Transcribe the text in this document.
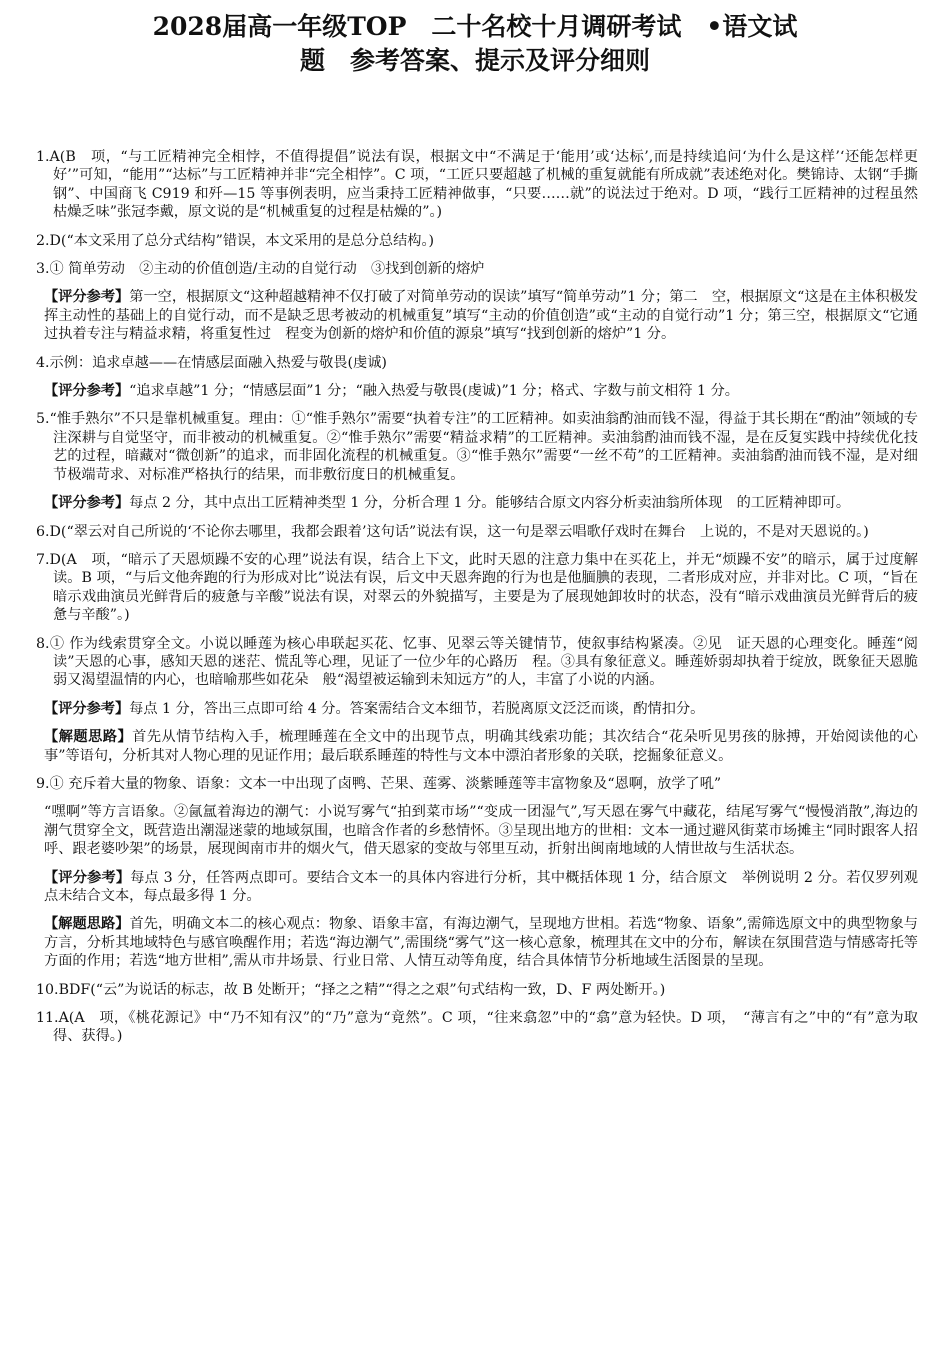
2028届高一年级TOP　二十名校十月调研考试　•语文试
题　参考答案、提示及评分细则

1.A(B　项，“与工匠精神完全相悖，不值得提倡”说法有误，根据文中“不满足于‘能用’或‘达标’,而是持续追问‘为什么是这样’‘还能怎样更好’”可知，“能用”“达标”与工匠精神并非“完全相悖”。C 项，“工匠只要超越了机械的重复就能有所成就”表述绝对化。樊锦诗、太钢“手撕钢”、中国商飞 C919 和歼—15 等事例表明，应当秉持工匠精神做事，“只要……就”的说法过于绝对。D 项，“践行工匠精神的过程虽然枯燥乏味”张冠李戴，原文说的是“机械重复的过程是枯燥的”。)

2.D(“本文采用了总分式结构”错误，本文采用的是总分总结构。)

3.① 简单劳动　②主动的价值创造/主动的自觉行动　③找到创新的熔炉

【评分参考】第一空，根据原文“这种超越精神不仅打破了对简单劳动的误读”填写“简单劳动”1 分；第二　空，根据原文“这是在主体积极发挥主动性的基础上的自觉行动，而不是缺乏思考被动的机械重复”填写“主动的价值创造”或“主动的自觉行动”1 分；第三空，根据原文“它通过执着专注与精益求精，将重复性过　程变为创新的熔炉和价值的源泉”填写“找到创新的熔炉”1 分。

4.示例：追求卓越——在情感层面融入热爱与敬畏(虔诚)

【评分参考】“追求卓越”1 分；“情感层面”1 分；“融入热爱与敬畏(虔诚)”1 分；格式、字数与前文相符 1 分。

5.“惟手熟尔”不只是靠机械重复。理由：①“惟手熟尔”需要“执着专注”的工匠精神。如卖油翁酌油而钱不湿，得益于其长期在“酌油”领域的专注深耕与自觉坚守，而非被动的机械重复。②“惟手熟尔”需要“精益求精”的工匠精神。卖油翁酌油而钱不湿，是在反复实践中持续优化技艺的过程，暗藏对“微创新”的追求，而非固化流程的机械重复。③“惟手熟尔”需要“一丝不苟”的工匠精神。卖油翁酌油而钱不湿，是对细节极端苛求、对标准严格执行的结果，而非敷衍度日的机械重复。

【评分参考】每点 2 分，其中点出工匠精神类型 1 分，分析合理 1 分。能够结合原文内容分析卖油翁所体现　的工匠精神即可。

6.D(“翠云对自己所说的‘不论你去哪里，我都会跟着’这句话”说法有误，这一句是翠云唱歌仔戏时在舞台　上说的，不是对天恩说的。)

7.D(A　项，“暗示了天恩烦躁不安的心理”说法有误，结合上下文，此时天恩的注意力集中在买花上，并无“烦躁不安”的暗示，属于过度解读。B 项，“与后文他奔跑的行为形成对比”说法有误，后文中天恩奔跑的行为也是他腼腆的表现，二者形成对应，并非对比。C 项，“旨在暗示戏曲演员光鲜背后的疲惫与辛酸”说法有误，对翠云的外貌描写，主要是为了展现她卸妆时的状态，没有“暗示戏曲演员光鲜背后的疲惫与辛酸”。)

8.① 作为线索贯穿全文。小说以睡莲为核心串联起买花、忆事、见翠云等关键情节，使叙事结构紧凑。②见　证天恩的心理变化。睡莲“阅读”天恩的心事，感知天恩的迷茫、慌乱等心理，见证了一位少年的心路历　程。③具有象征意义。睡莲娇弱却执着于绽放，既象征天恩脆弱又渴望温情的内心，也暗喻那些如花朵　般“渴望被运输到未知远方”的人，丰富了小说的内涵。

【评分参考】每点 1 分，答出三点即可给 4 分。答案需结合文本细节，若脱离原文泛泛而谈，酌情扣分。

【解题思路】首先从情节结构入手，梳理睡莲在全文中的出现节点，明确其线索功能；其次结合“花朵听见男孩的脉搏，开始阅读他的心事”等语句，分析其对人物心理的见证作用；最后联系睡莲的特性与文本中漂泊者形象的关联，挖掘象征意义。

9.① 充斥着大量的物象、语象：文本一中出现了卤鸭、芒果、莲雾、淡紫睡莲等丰富物象及“恩啊，放学了吼”

“嘿啊”等方言语象。②氤氲着海边的潮气：小说写雾气“拍到菜市场”“变成一团湿气”,写天恩在雾气中藏花，结尾写雾气“慢慢消散”,海边的潮气贯穿全文，既营造出潮湿迷蒙的地域氛围，也暗含作者的乡愁情怀。③呈现出地方的世相：文本一通过避风街菜市场摊主“同时跟客人招呼、跟老婆吵架”的场景，展现闽南市井的烟火气，借天恩家的变故与邻里互动，折射出闽南地域的人情世故与生活状态。

【评分参考】每点 3 分，任答两点即可。要结合文本一的具体内容进行分析，其中概括体现 1 分，结合原文　举例说明 2 分。若仅罗列观点未结合文本，每点最多得 1 分。

【解题思路】首先，明确文本二的核心观点：物象、语象丰富，有海边潮气，呈现地方世相。若选“物象、语象”,需筛选原文中的典型物象与方言，分析其地域特色与感官唤醒作用；若选“海边潮气”,需围绕“雾气”这一核心意象，梳理其在文中的分布，解读在氛围营造与情感寄托等方面的作用；若选“地方世相”,需从市井场景、行业日常、人情互动等角度，结合具体情节分析地域生活图景的呈现。

10.BDF(“云”为说话的标志，故 B 处断开；“择之之精”“得之之艰”句式结构一致，D、F 两处断开。)

11.A(A　项，《桃花源记》中“乃不知有汉”的“乃”意为“竟然”。C 项，“往来翕忽”中的“翕”意为轻快。D 项，　“薄言有之”中的“有”意为取得、获得。)
